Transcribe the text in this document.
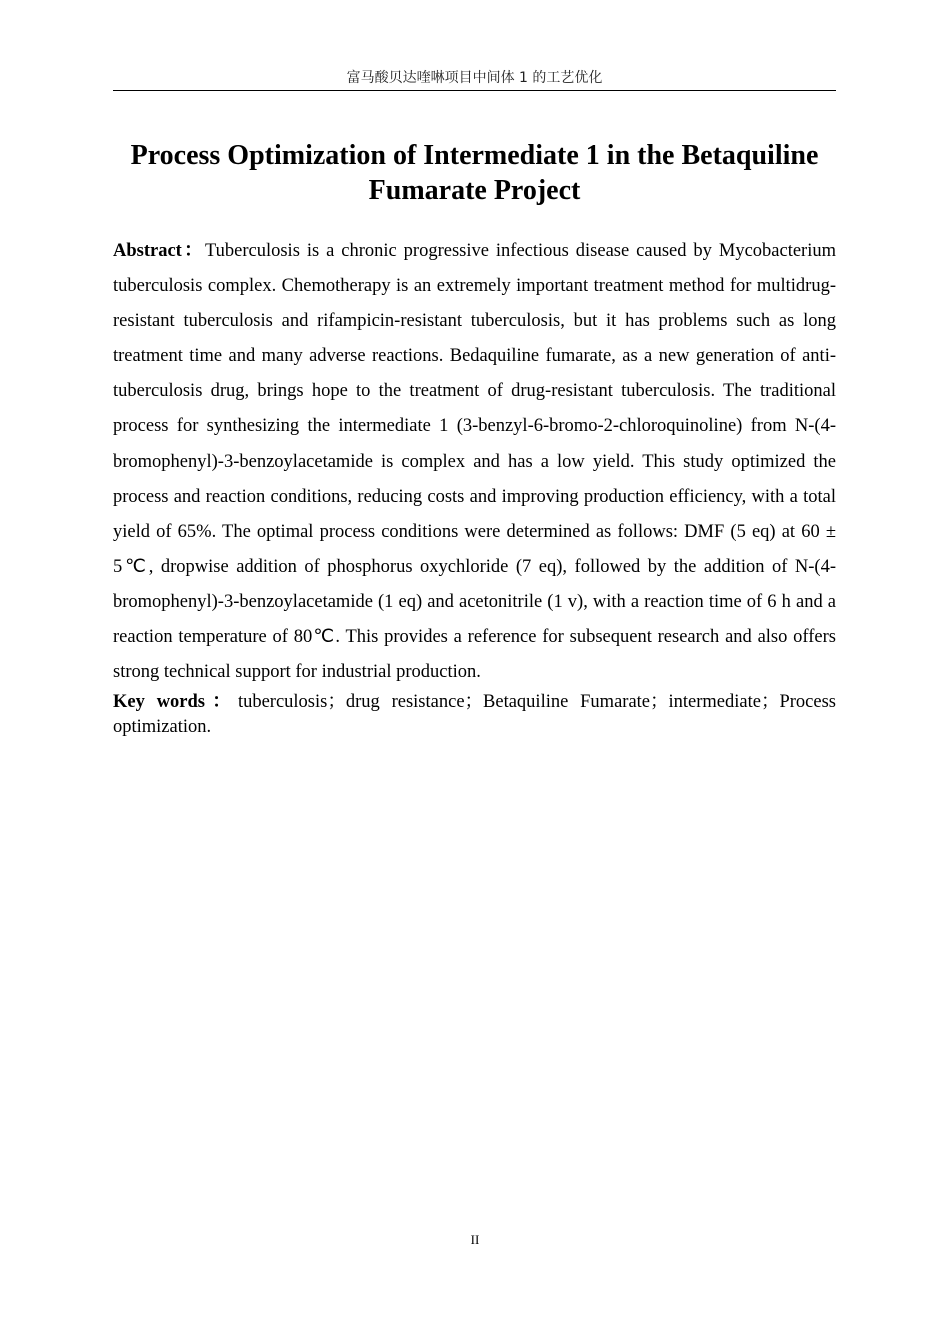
富马酸贝达喹啉项目中间体 1 的工艺优化
Process Optimization of Intermediate 1 in the Betaquiline Fumarate Project

Abstract：Tuberculosis is a chronic progressive infectious disease caused by Mycobacterium tuberculosis complex. Chemotherapy is an extremely important treatment method for multidrug-resistant tuberculosis and rifampicin-resistant tuberculosis, but it has problems such as long treatment time and many adverse reactions. Bedaquiline fumarate, as a new generation of anti-tuberculosis drug, brings hope to the treatment of drug-resistant tuberculosis. The traditional process for synthesizing the intermediate 1 (3-benzyl-6-bromo-2-chloroquinoline) from N-(4-bromophenyl)-3-benzoylacetamide is complex and has a low yield. This study optimized the process and reaction conditions, reducing costs and improving production efficiency, with a total yield of 65%. The optimal process conditions were determined as follows: DMF (5 eq) at 60 ± 5℃, dropwise addition of phosphorus oxychloride (7 eq), followed by the addition of N-(4-bromophenyl)-3-benzoylacetamide (1 eq) and acetonitrile (1 v), with a reaction time of 6 h and a reaction temperature of 80℃. This provides a reference for subsequent research and also offers strong technical support for industrial production.

Key words：tuberculosis；drug resistance；Betaquiline Fumarate；intermediate；Process optimization.

II
